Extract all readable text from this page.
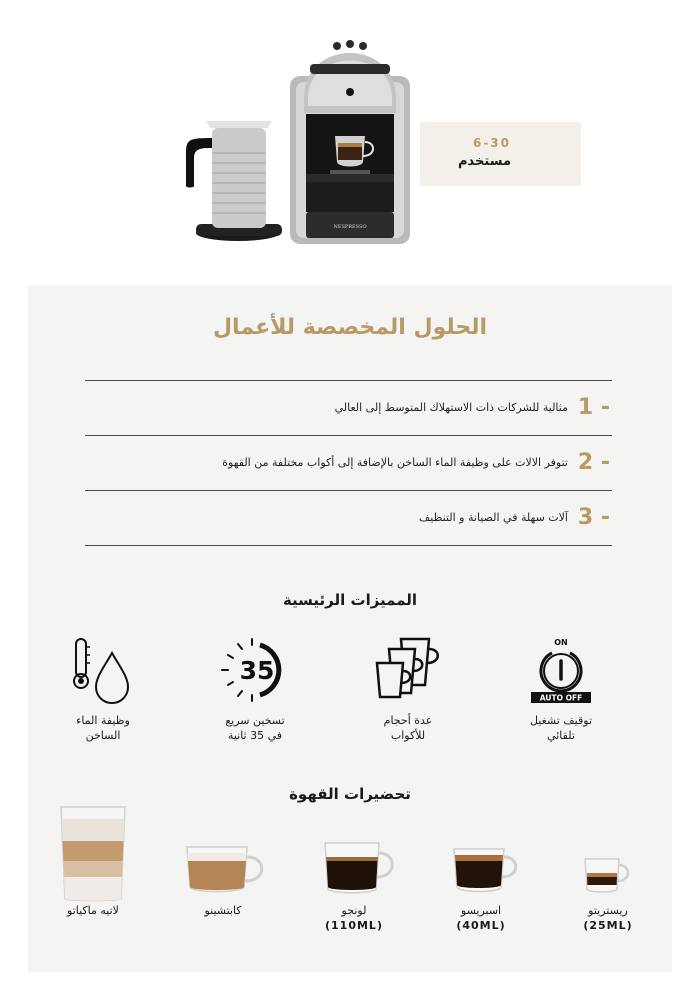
NESPRESSO
6-30
مستخدم
الحلول المخصصة للأعمال
1 -
مثالية للشركات ذات الاستهلاك المتوسط إلى العالي
2 -
تتوفر الالات على وظيفة الماء الساخن بالإضافة إلى أكواب مختلفة من القهوة
3 -
آلات سهلة في الصيانة و التنظيف
المميزات الرئيسية
ON
AUTO OFF
توقيف تشغيل
تلقائي
عدة أحجام
للأكواب
35
تسخين سريع
في 35 ثانية
وظيفة الماء
الساخن
تحضيرات القهوة
ريستريتو
(25ML)
اسبريسو
(40ML)
لونجو
(110ML)
كابتشينو
لاتيه ماكياتو
